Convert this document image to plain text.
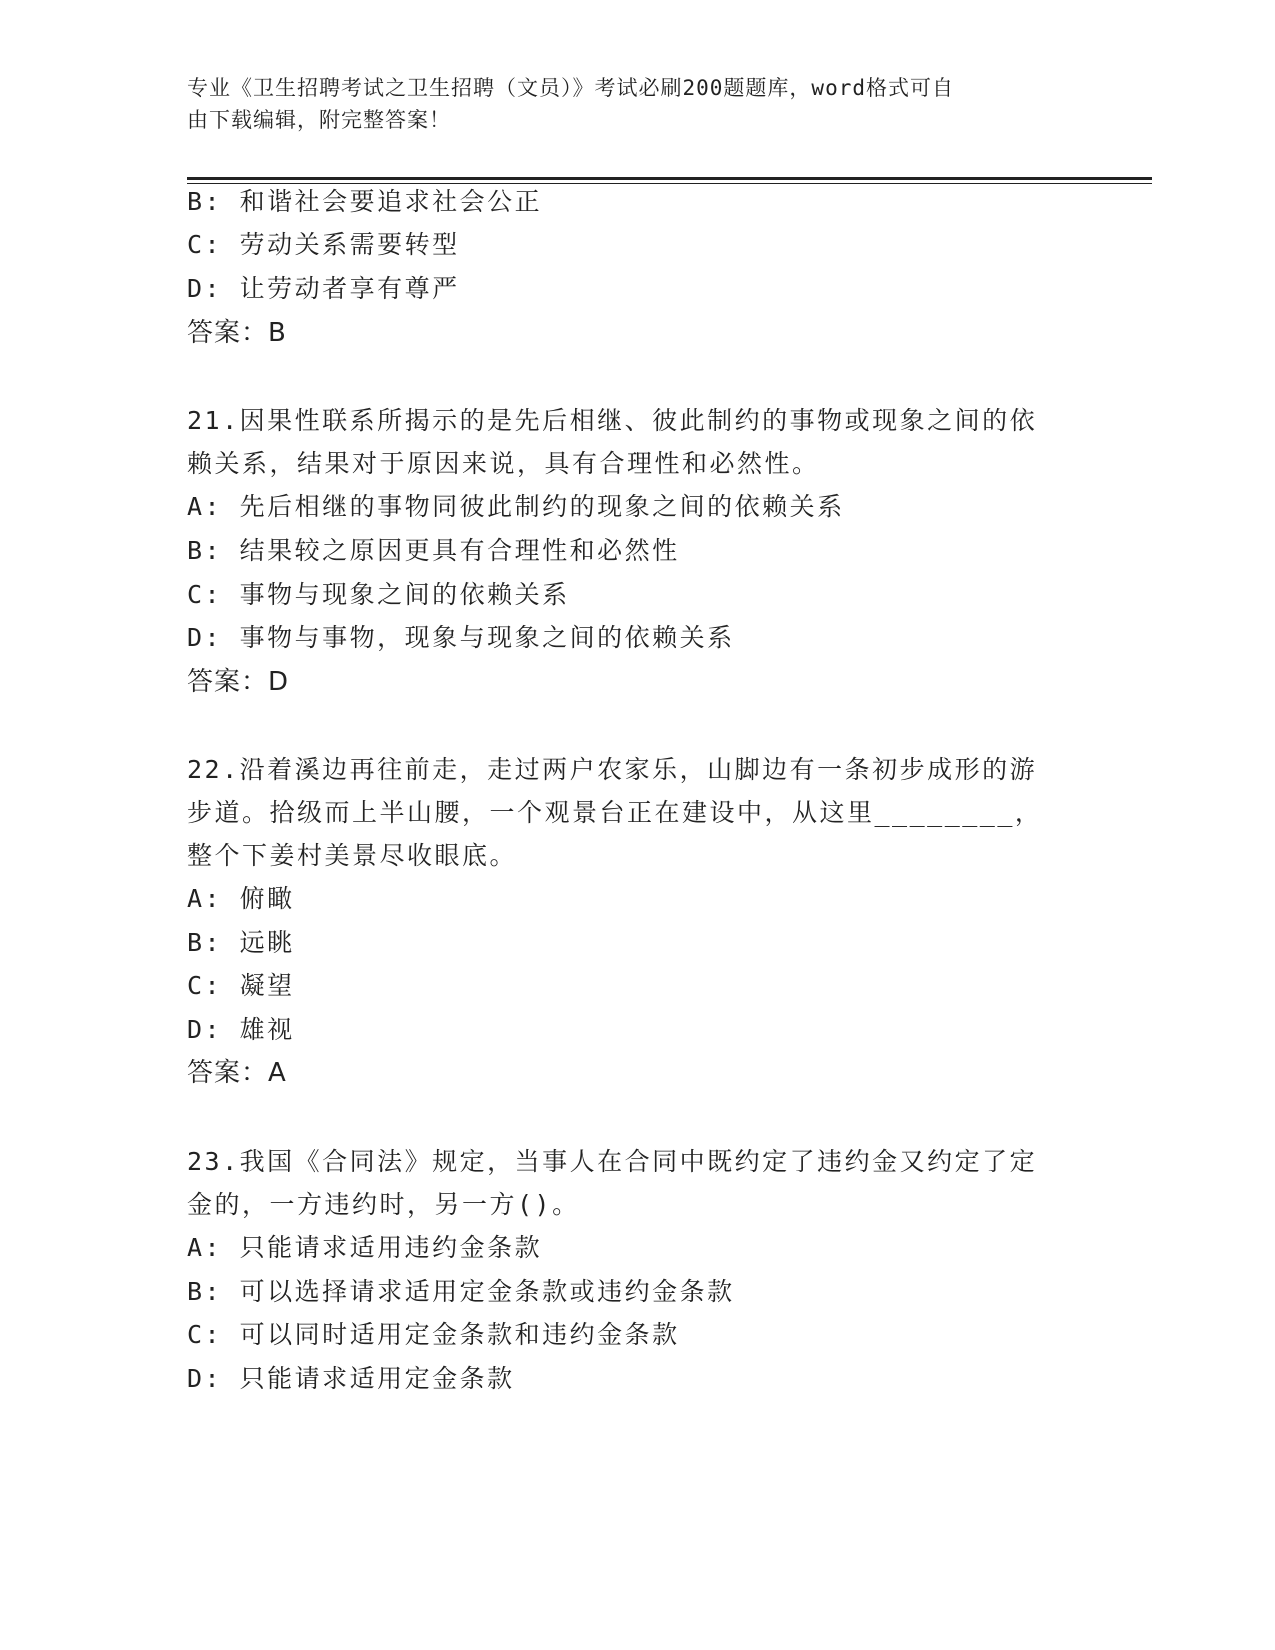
专业《卫生招聘考试之卫生招聘（文员）》考试必刷200题题库，word格式可自
由下载编辑，附完整答案！
B: 和谐社会要追求社会公正
C: 劳动关系需要转型
D: 让劳动者享有尊严
答案：B
21.因果性联系所揭示的是先后相继、彼此制约的事物或现象之间的依
赖关系，结果对于原因来说，具有合理性和必然性。
A: 先后相继的事物同彼此制约的现象之间的依赖关系
B: 结果较之原因更具有合理性和必然性
C: 事物与现象之间的依赖关系
D: 事物与事物，现象与现象之间的依赖关系
答案：D
22.沿着溪边再往前走，走过两户农家乐，山脚边有一条初步成形的游
步道。拾级而上半山腰，一个观景台正在建设中，从这里________，
整个下姜村美景尽收眼底。
A: 俯瞰
B: 远眺
C: 凝望
D: 雄视
答案：A
23.我国《合同法》规定，当事人在合同中既约定了违约金又约定了定
金的，一方违约时，另一方()。
A: 只能请求适用违约金条款
B: 可以选择请求适用定金条款或违约金条款
C: 可以同时适用定金条款和违约金条款
D: 只能请求适用定金条款
